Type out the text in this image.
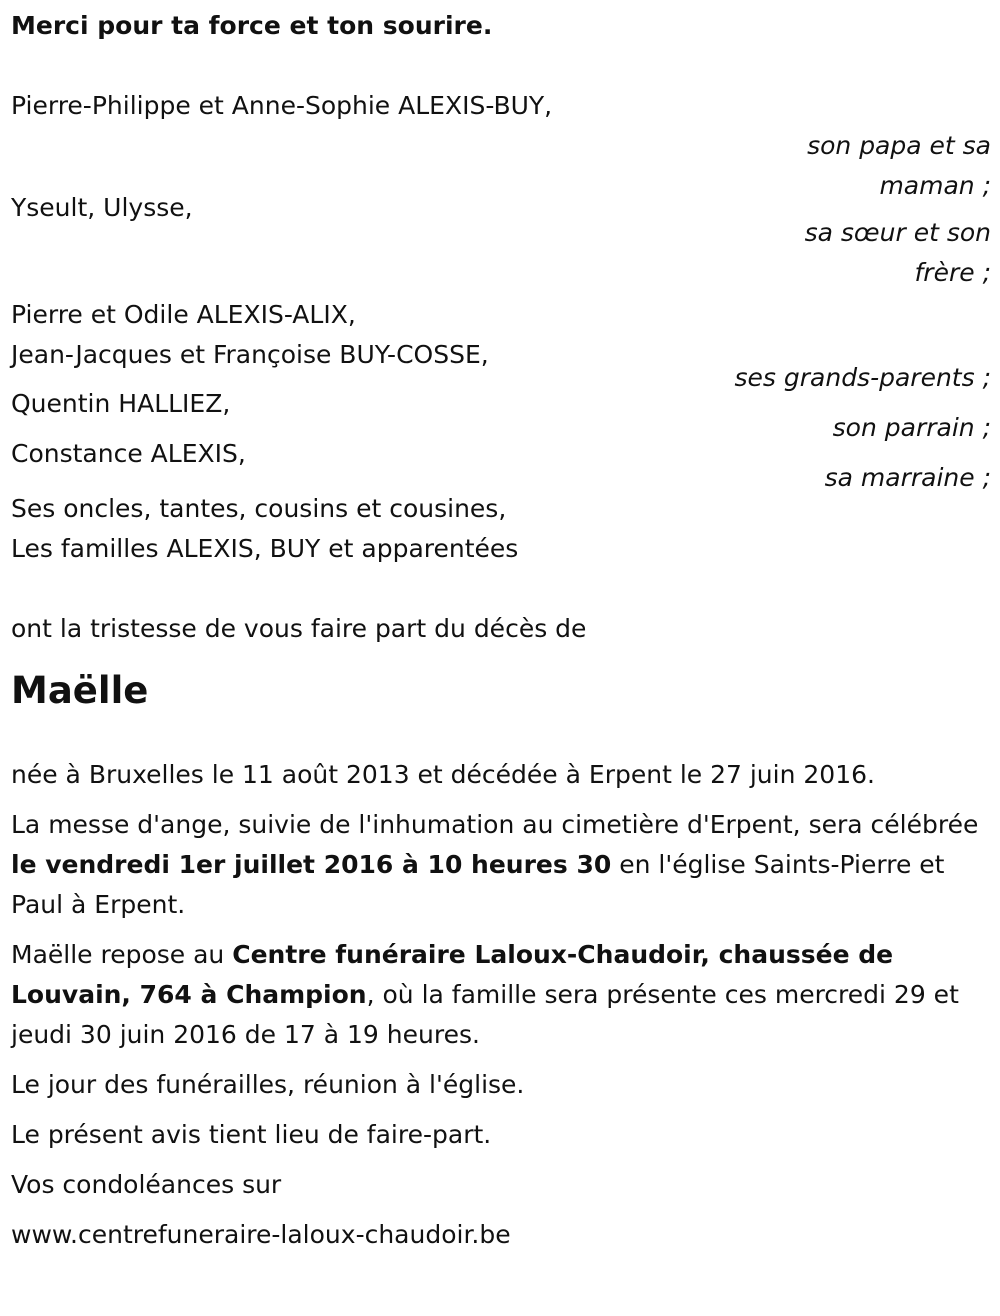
Merci pour ta force et ton sourire.

Pierre-Philippe et Anne-Sophie ALEXIS-BUY,

son papa et sa

maman ;

Yseult, Ulysse,

sa sœur et son

frère ;

Pierre et Odile ALEXIS-ALIX,

Jean-Jacques et Françoise BUY-COSSE,

ses grands-parents ;

Quentin HALLIEZ,

son parrain ;

Constance ALEXIS,

sa marraine ;

Ses oncles, tantes, cousins et cousines,

Les familles ALEXIS, BUY et apparentées

ont la tristesse de vous faire part du décès de

Maëlle

née à Bruxelles le 11 août 2013 et décédée à Erpent le 27 juin 2016.

La messe d'ange, suivie de l'inhumation au cimetière d'Erpent, sera célébrée le vendredi 1er juillet 2016 à 10 heures 30 en l'église Saints-Pierre et Paul à Erpent.

Maëlle repose au Centre funéraire Laloux-Chaudoir, chaussée de Louvain, 764 à Champion, où la famille sera présente ces mercredi 29 et jeudi 30 juin 2016 de 17 à 19 heures.

Le jour des funérailles, réunion à l'église.

Le présent avis tient lieu de faire-part.

Vos condoléances sur

www.centrefuneraire-laloux-chaudoir.be
